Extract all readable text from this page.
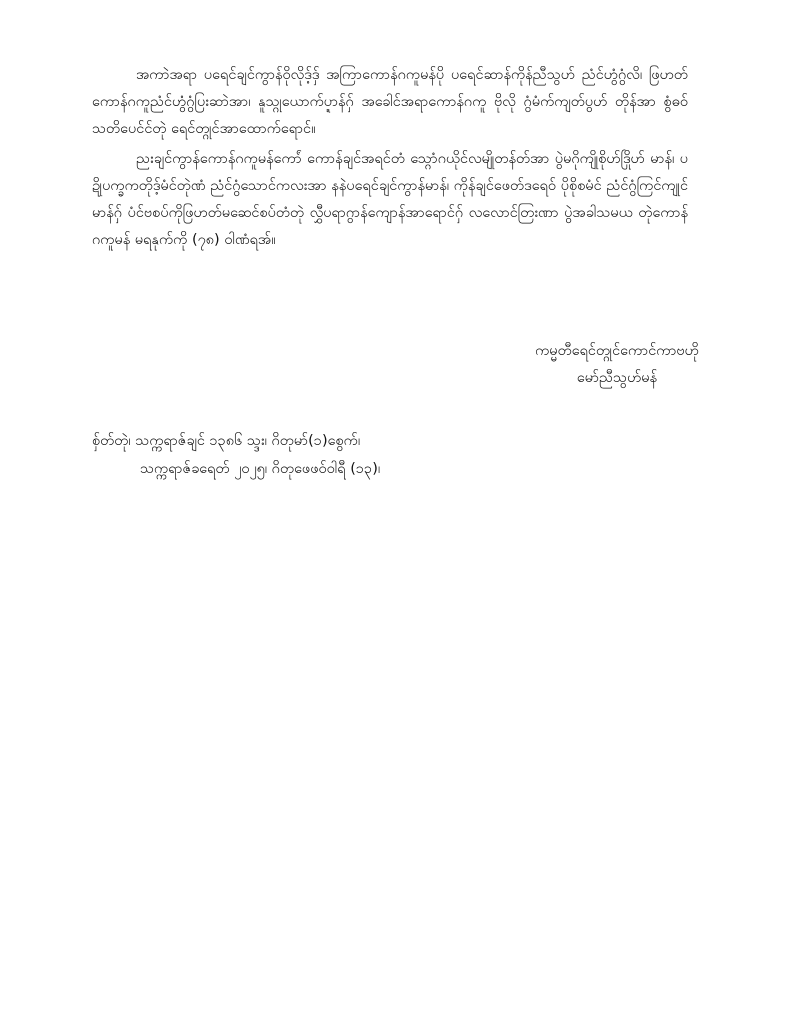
အကာဲအရာ ပရေင်ချင်ကွာန်ဝိုလိုဒ့်ဒှ် အကြာကောန်ဂကူမန်ပို ပရေင်ဆာန်ကိုန်ညီသွဟ် ညံင်ဟွံဂွံလိ၊ ဖြဟတ်ကောန်ဂကူညံင်ဟွံဂွံပြးဆာဲအာ၊ နူသ္ဂုယောက်ပ္ဍာန်ဂှ် အခေါင်အရာကောန်ဂကူ ဗိုလို ဂွံမံက်ကျတ်ပွဟ် တိုန်အာ စွံဓဝ်သတိပေင်င်တုဲ ရေင်တ္ဂုင်အာထောက်ရောင်။

ညးချင်ကွာန်ကောန်ဂကူမန်ကော်ံ ကောန်ချင်အရင်တံ သ္ဂောံဂယိုင်လမျိုတန်တ်အာ ပွဲမဂိုကျိုစိုဟ်ဒြိုဟ် မာန်၊ ပဍိုပက္ခကတိုဒ့်မံင်တုဲဏံ ညံင်ဂွံသောင်ကလးအာ နနဲပရေင်ချင်ကွာန်မာန်၊ ကိုန်ချင်ဖေတ်ဒရေဝ် ပိုစိုစမံင် ညံင်ဂွံကြင်ကျုင်မာန်ဂှ် ပံင်ဗစပ်ကိုဖြဟတ်မဆေင်စပ်တံတုဲ လွှီပရာဂွာန်ကျောန်အာရောင်ဂှ် လလောင်တြးဏာ ပွဲအခါသမယ တုဲကောန်ဂကူမန် မရနုက်ကို (၇၈) ဝါဏံရအ်။

ကမ္မတီရေင်တ္ဂုင်ကောင်ကာဗဟို
မော်ညီသွဟ်မန်
စှ်တ်တုဲ၊ သက္ကရာဇ်ချင် ၁၃၈၆ သ္ဒး၊ ဂိတုမာ်(၁)စွေက်၊
သက္ကရာဇ်ခရေတ် ၂၀၂၅၊ ဂိတုဖေဖဝ်ဝါရီ (၁၃)၊
